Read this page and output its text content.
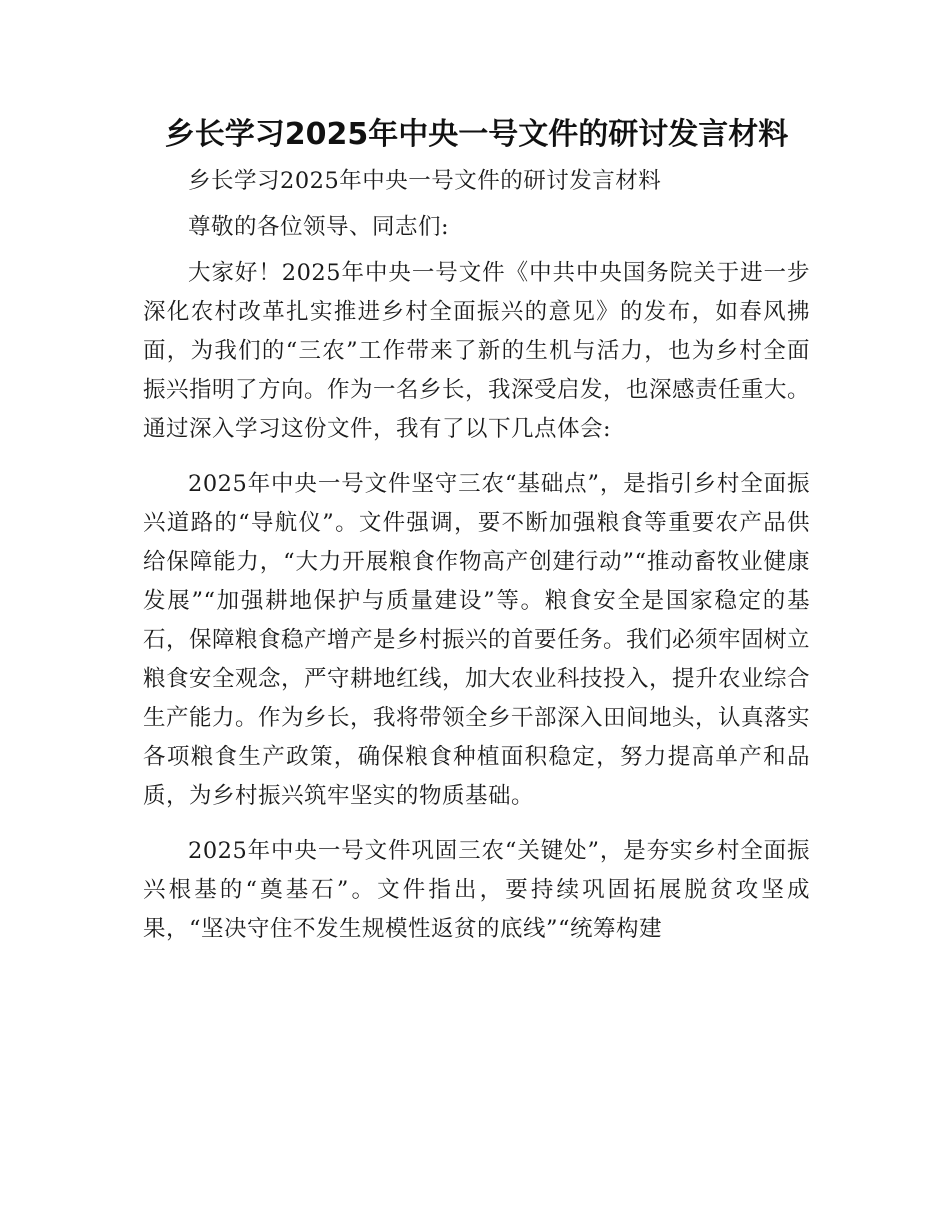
乡长学习2025年中央一号文件的研讨发言材料

乡长学习2025年中央一号文件的研讨发言材料

尊敬的各位领导、同志们:

大家好！2025年中央一号文件《中共中央国务院关于进一步深化农村改革扎实推进乡村全面振兴的意见》的发布，如春风拂面，为我们的“三农”工作带来了新的生机与活力，也为乡村全面振兴指明了方向。作为一名乡长，我深受启发，也深感责任重大。通过深入学习这份文件，我有了以下几点体会:

2025年中央一号文件坚守三农“基础点”，是指引乡村全面振兴道路的“导航仪”。文件强调，要不断加强粮食等重要农产品供给保障能力，“大力开展粮食作物高产创建行动”“推动畜牧业健康发展”“加强耕地保护与质量建设”等。粮食安全是国家稳定的基石，保障粮食稳产增产是乡村振兴的首要任务。我们必须牢固树立粮食安全观念，严守耕地红线，加大农业科技投入，提升农业综合生产能力。作为乡长，我将带领全乡干部深入田间地头，认真落实各项粮食生产政策，确保粮食种植面积稳定，努力提高单产和品质，为乡村振兴筑牢坚实的物质基础。

2025年中央一号文件巩固三农“关键处”，是夯实乡村全面振兴根基的“奠基石”。文件指出，要持续巩固拓展脱贫攻坚成果，“坚决守住不发生规模性返贫的底线”“统筹构建
